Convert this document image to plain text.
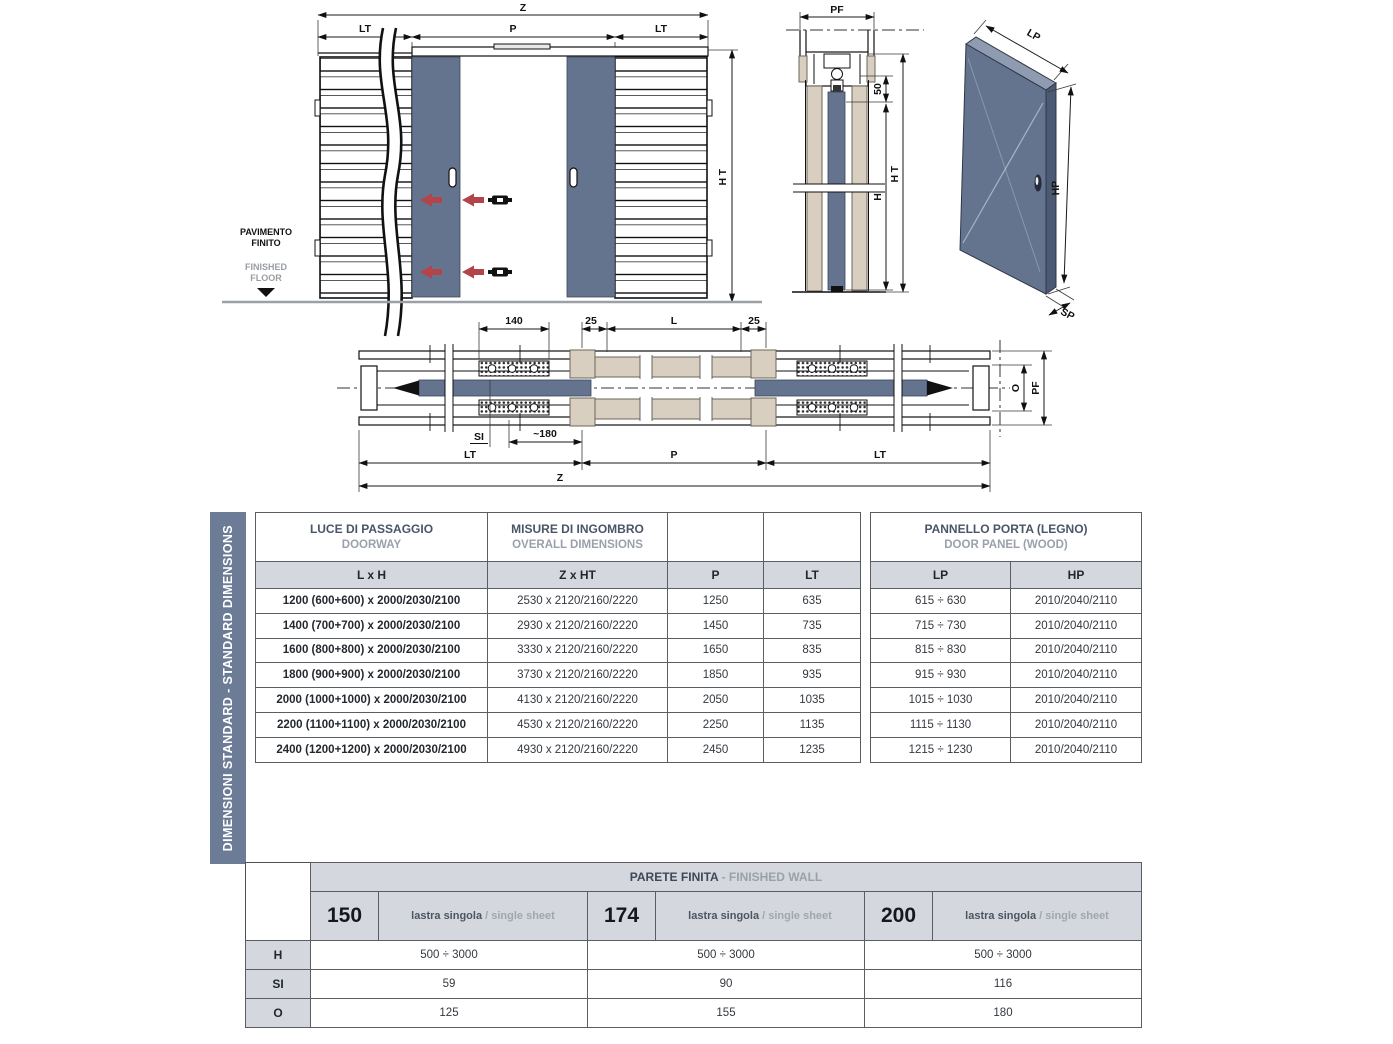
Z
LT	P	LT
HT
PAVIMENTO
FINITO
FINISHED
FLOOR
PF
50
H
HT
LP
HP
SP
140	25	L	25
SI	~180
LT	P	LT
Z
O PF
DIMENSIONI STANDARD - STANDARD DIMENSIONS	LUCE DI PASSAGGIO
DOORWAY	MISURE DI INGOMBRO
OVERALL DIMENSIONS		

L x H	Z x HT	P	LT
1200 (600+600) x 2000/2030/2100	2530 x 2120/2160/2220	1250	635
1400 (700+700) x 2000/2030/2100	2930 x 2120/2160/2220	1450	735
1600 (800+800) x 2000/2030/2100	3330 x 2120/2160/2220	1650	835
1800 (900+900) x 2000/2030/2100	3730 x 2120/2160/2220	1850	935
2000 (1000+1000) x 2000/2030/2100	4130 x 2120/2160/2220	2050	1035
2200 (1100+1100) x 2000/2030/2100	4530 x 2120/2160/2220	2250	1135
2400 (1200+1200) x 2000/2030/2100	4930 x 2120/2160/2220	2450	1235
PANNELLO PORTA (LEGNO)
DOOR PANEL (WOOD)	

LP	HP
615 ÷ 630	2010/2040/2110
715 ÷ 730	2010/2040/2110
815 ÷ 830	2010/2040/2110
915 ÷ 930	2010/2040/2110
1015 ÷ 1030	2010/2040/2110
1115 ÷ 1130	2010/2040/2110
1215 ÷ 1230	2010/2040/2110
	PARETE FINITA - FINISHED WALL					
	150	lastra singola / single sheet	174	lastra singola / single sheet	200	lastra singola / single sheet
H	500 ÷ 3000		500 ÷ 3000		500 ÷ 3000	
SI	59		90		116	
O	125		155		180	
